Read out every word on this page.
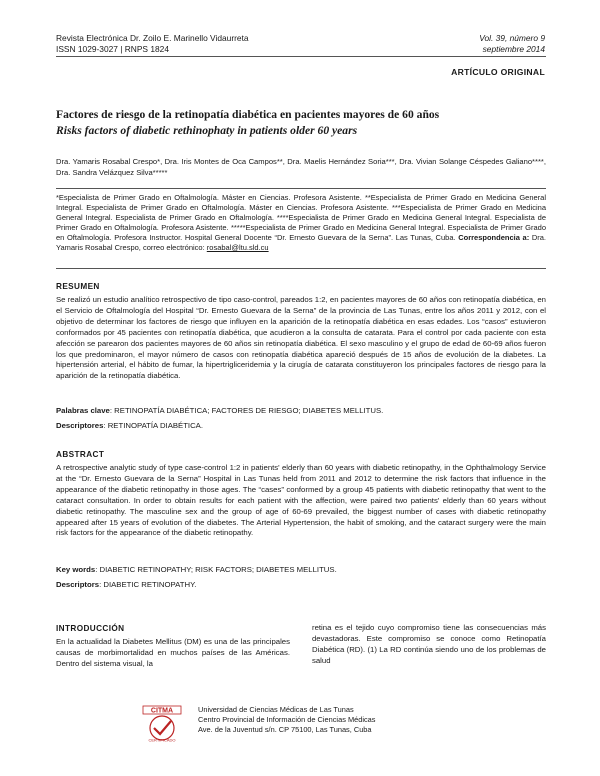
Revista Electrónica Dr. Zoilo E. Marinello Vidaurreta
ISSN 1029-3027 | RNPS 1824
Vol. 39, número 9
septiembre 2014
ARTÍCULO ORIGINAL
Factores de riesgo de la retinopatía diabética en pacientes mayores de 60 años
Risks factors of diabetic rethinophaty in patients older 60 years
Dra. Yamaris Rosabal Crespo*, Dra. Iris Montes de Oca Campos**, Dra. Maelis Hernández Soria***, Dra. Vivian Solange Céspedes Galiano****, Dra. Sandra Velázquez Silva*****
*Especialista de Primer Grado en Oftalmología. Máster en Ciencias. Profesora Asistente. **Especialista de Primer Grado en Medicina General Integral. Especialista de Primer Grado en Oftalmología. Máster en Ciencias. Profesora Asistente. ***Especialista de Primer Grado en Medicina General Integral. Especialista de Primer Grado en Oftalmología. ****Especialista de Primer Grado en Medicina General Integral. Especialista de Primer Grado en Oftalmología. Profesora Asistente. *****Especialista de Primer Grado en Medicina General Integral. Especialista de Primer Grado en Oftalmología. Profesora Instructor. Hospital General Docente “Dr. Ernesto Guevara de la Serna”. Las Tunas, Cuba. Correspondencia a: Dra. Yamaris Rosabal Crespo, correo electrónico: rosabal@ltu.sld.cu
RESUMEN
Se realizó un estudio analítico retrospectivo de tipo caso-control, pareados 1:2, en pacientes mayores de 60 años con retinopatía diabética, en el Servicio de Oftalmología del Hospital “Dr. Ernesto Guevara de la Serna” de la provincia de Las Tunas, entre los años 2011 y 2012, con el objetivo de determinar los factores de riesgo que influyen en la aparición de la retinopatía diabética en esas edades. Los “casos” estuvieron conformados por 45 pacientes con retinopatía diabética, que acudieron a la consulta de catarata. Para el control por cada paciente con esta afección se parearon dos pacientes mayores de 60 años sin retinopatía diabética. El sexo masculino y el grupo de edad de 60-69 años fueron los que predominaron, el mayor número de casos con retinopatía diabética apareció después de 15 años de evolución de la diabetes. La hipertensión arterial, el hábito de fumar, la hipertrigliceridemia y la cirugía de catarata constituyeron los principales factores de riesgo para la aparición de la retinopatía diabética.
Palabras clave: RETINOPATÍA DIABÉTICA; FACTORES DE RIESGO; DIABETES MELLITUS.
Descriptores: RETINOPATÍA DIABÉTICA.
ABSTRACT
A retrospective analytic study of type case-control 1:2 in patients' elderly than 60 years with diabetic retinopathy, in the Ophthalmology Service at the “Dr. Ernesto Guevara de la Serna” Hospital in Las Tunas held from 2011 and 2012 to determine the risk factors that influence in the appearance of the diabetic retinopathy in those ages. The “cases” conformed by a group 45 patients with diabetic retinopathy that went to the cataract consultation. In order to obtain results for each patient with the affection, were paired two patients' elderly than 60 years without diabetic retinopathy. The masculine sex and the group of age of 60-69 prevailed, the biggest number of cases with diabetic retinopathy appeared after 15 years of evolution of the diabetes. The Arterial Hypertension, the habit of smoking, and the cataract surgery were the main risk factors for the appearance of the diabetic retinopathy.
Key words: DIABETIC RETINOPATHY; RISK FACTORS; DIABETES MELLITUS.
Descriptors: DIABETIC RETINOPATHY.
INTRODUCCIÓN
En la actualidad la Diabetes Mellitus (DM) es una de las principales causas de morbimortalidad en muchos países de las Américas. Dentro del sistema visual, la
retina es el tejido cuyo compromiso tiene las consecuencias más devastadoras. Este compromiso se conoce como Retinopatía Diabética (RD). (1) La RD continúa siendo uno de los problemas de salud
CITMA
CERTIFICADO
Universidad de Ciencias Médicas de Las Tunas
Centro Provincial de Información de Ciencias Médicas
Ave. de la Juventud s/n. CP 75100, Las Tunas, Cuba
